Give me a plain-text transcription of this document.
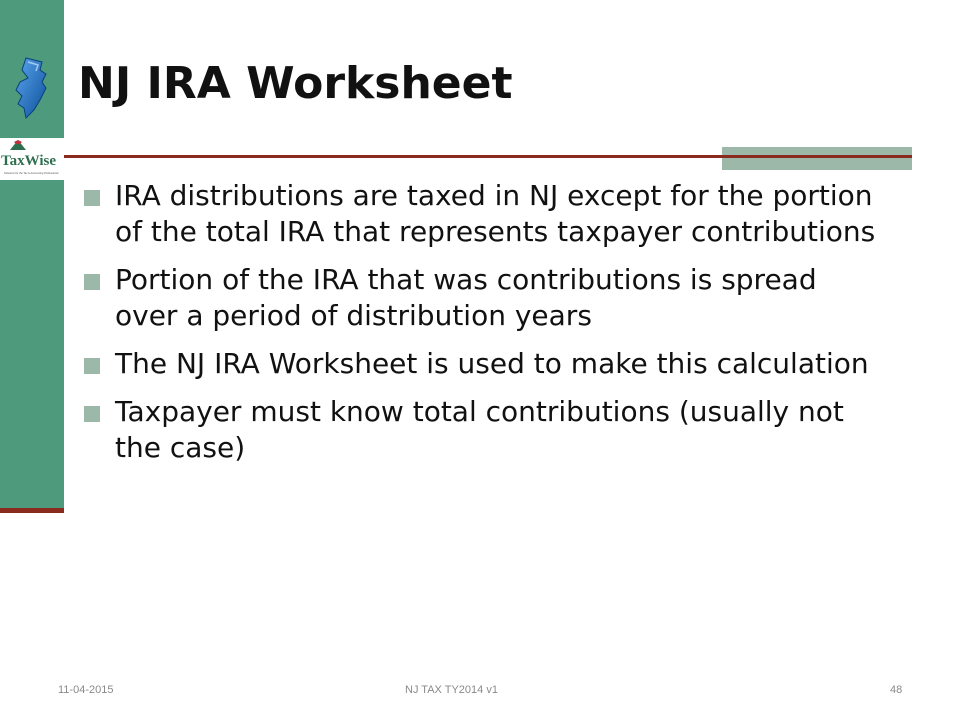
TaxWise
Solutions for the Tax & Accounting Professional
NJ IRA Worksheet
IRA distributions are taxed in NJ except for the portion of the total IRA that represents taxpayer contributions
Portion of the IRA that was contributions is spread over a period of distribution years
The NJ IRA Worksheet is used to make this calculation
Taxpayer must know total contributions (usually not the case)
11-04-2015	NJ TAX TY2014 v1	48
